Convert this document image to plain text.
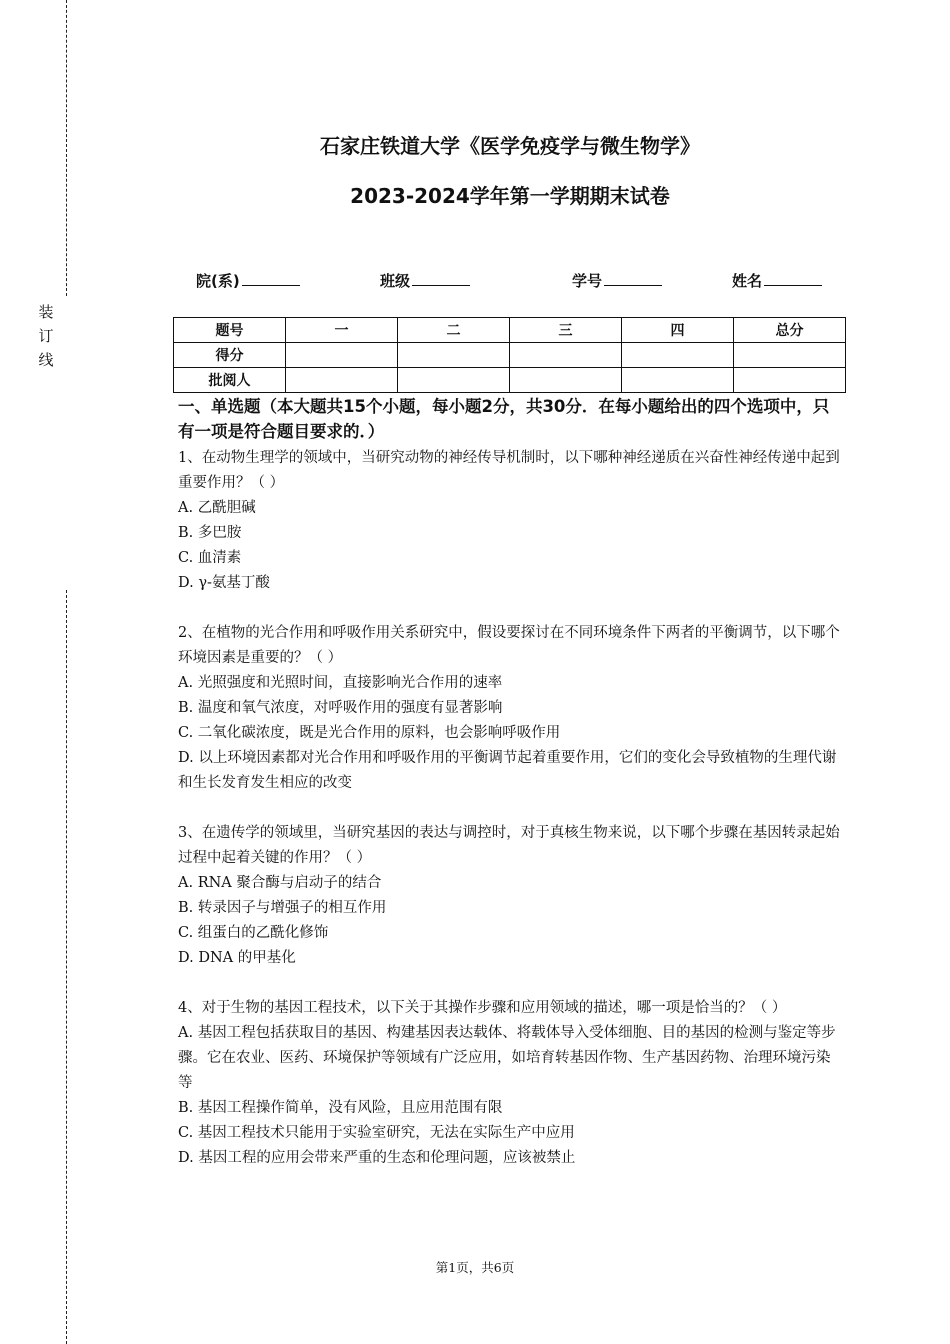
装
订
线
石家庄铁道大学《医学免疫学与微生物学》
2023-2024学年第一学期期末试卷
院(系)	班级	学号	姓名
题号	一	二	三	四	总分
得分					
批阅人					
一、单选题（本大题共15个小题，每小题2分，共30分．在每小题给出的四个选项中，只有一项是符合题目要求的．）
1、在动物生理学的领域中，当研究动物的神经传导机制时，以下哪种神经递质在兴奋性神经传递中起到重要作用？（ ）
A. 乙酰胆碱
B. 多巴胺
C. 血清素
D. γ-氨基丁酸
2、在植物的光合作用和呼吸作用关系研究中，假设要探讨在不同环境条件下两者的平衡调节，以下哪个环境因素是重要的？（ ）
A. 光照强度和光照时间，直接影响光合作用的速率
B. 温度和氧气浓度，对呼吸作用的强度有显著影响
C. 二氧化碳浓度，既是光合作用的原料，也会影响呼吸作用
D. 以上环境因素都对光合作用和呼吸作用的平衡调节起着重要作用，它们的变化会导致植物的生理代谢和生长发育发生相应的改变
3、在遗传学的领域里，当研究基因的表达与调控时，对于真核生物来说，以下哪个步骤在基因转录起始过程中起着关键的作用？（ ）
A. RNA 聚合酶与启动子的结合
B. 转录因子与增强子的相互作用
C. 组蛋白的乙酰化修饰
D. DNA 的甲基化
4、对于生物的基因工程技术，以下关于其操作步骤和应用领域的描述，哪一项是恰当的？（ ）
A. 基因工程包括获取目的基因、构建基因表达载体、将载体导入受体细胞、目的基因的检测与鉴定等步骤。它在农业、医药、环境保护等领域有广泛应用，如培育转基因作物、生产基因药物、治理环境污染等
B. 基因工程操作简单，没有风险，且应用范围有限
C. 基因工程技术只能用于实验室研究，无法在实际生产中应用
D. 基因工程的应用会带来严重的生态和伦理问题，应该被禁止
第1页，共6页
